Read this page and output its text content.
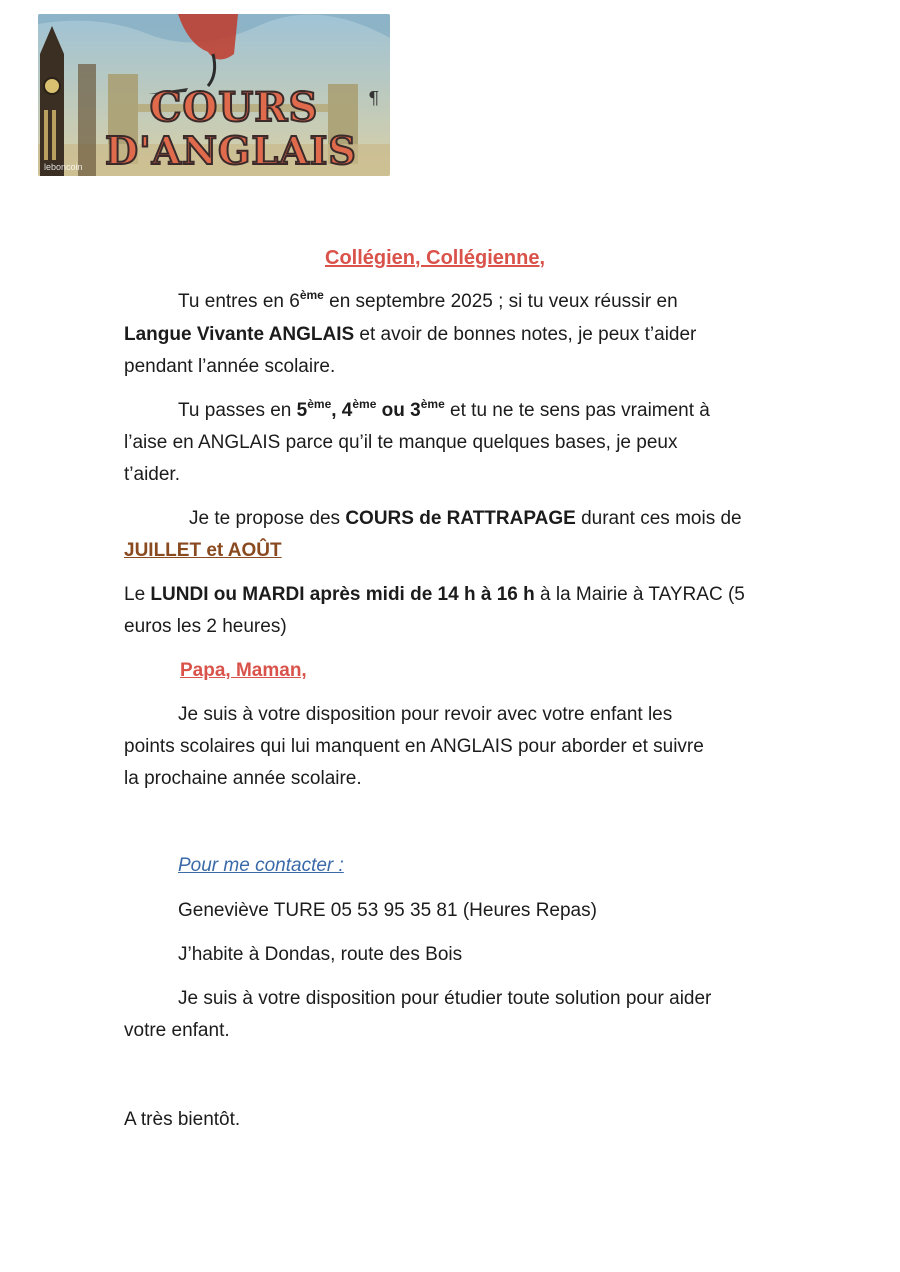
¶
COURS
D'ANGLAIS
leboncoin
Collégien, Collégienne,
Tu entres en 6ème en septembre 2025 ; si tu veux réussir en
Langue Vivante ANGLAIS et avoir de bonnes notes, je peux t’aider
pendant l’année scolaire.
Tu passes en 5ème, 4ème ou 3ème et tu ne te sens pas vraiment à
l’aise en ANGLAIS parce qu’il te manque quelques bases, je peux
t’aider.
Je te propose des COURS de RATTRAPAGE durant ces mois de
JUILLET et AOÛT
Le LUNDI ou MARDI après midi de 14 h à 16 h à la Mairie à TAYRAC (5
euros les 2 heures)
Papa, Maman,
Je suis à votre disposition pour revoir avec votre enfant les
points scolaires qui lui manquent en ANGLAIS pour aborder et suivre
la prochaine année scolaire.
Pour me contacter :
Geneviève TURE 05 53 95 35 81 (Heures Repas)
J’habite à Dondas, route des Bois
Je suis à votre disposition pour étudier toute solution pour aider
votre enfant.
A très bientôt.
